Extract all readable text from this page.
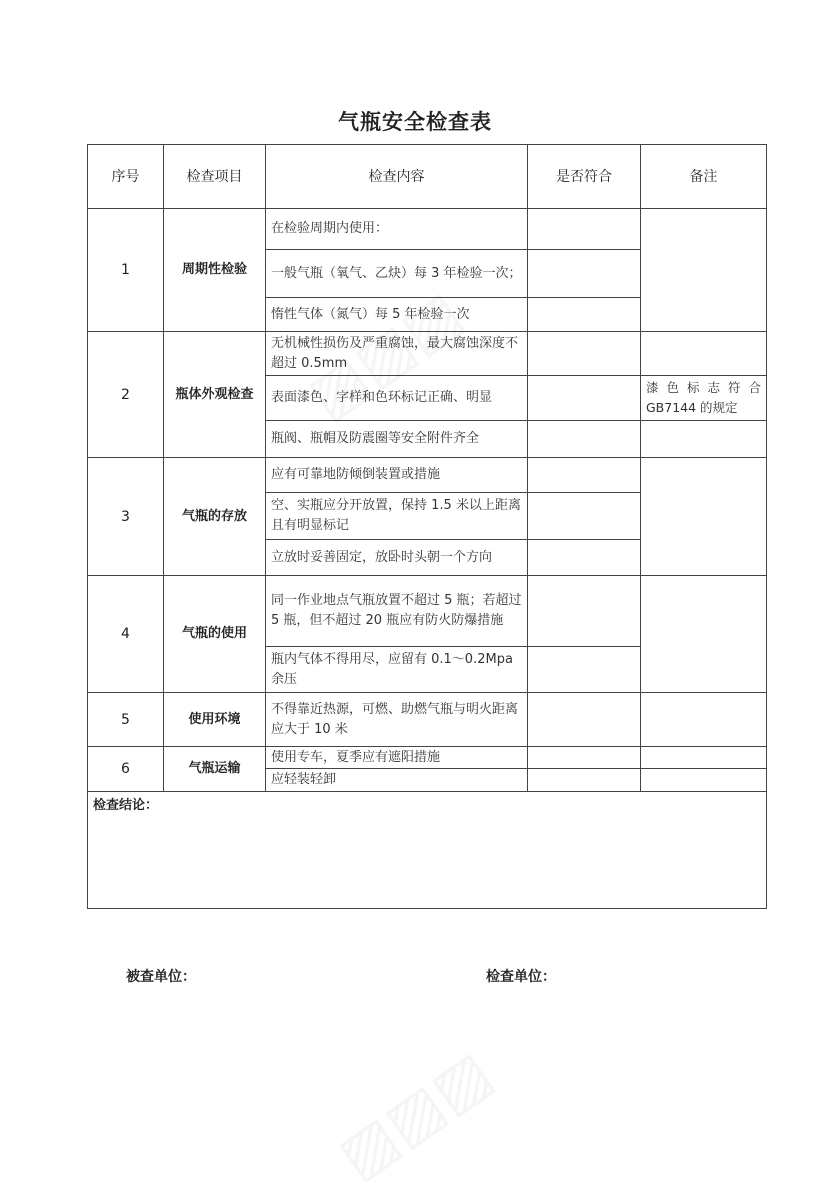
气瓶安全检查表
序号	检查项目	检查内容	是否符合	备注
1	周期性检验	在检验周期内使用：		
		一般气瓶（氧气、乙炔）每 3 年检验一次；		
		惰性气体（氮气）每 5 年检验一次		
2	瓶体外观检查	无机械性损伤及严重腐蚀，最大腐蚀深度不超过 0.5mm		
		表面漆色、字样和色环标记正确、明显		漆色标志符合 GB7144 的规定
		瓶阀、瓶帽及防震圈等安全附件齐全		
3	气瓶的存放	应有可靠地防倾倒装置或措施		
		空、实瓶应分开放置，保持 1.5 米以上距离且有明显标记		
		立放时妥善固定，放卧时头朝一个方向		
4	气瓶的使用	同一作业地点气瓶放置不超过 5 瓶；若超过 5 瓶，但不超过 20 瓶应有防火防爆措施		
		瓶内气体不得用尽，应留有 0.1～0.2Mpa 余压		
5	使用环境	不得靠近热源，可燃、助燃气瓶与明火距离应大于 10 米		
6	气瓶运输	使用专车，夏季应有遮阳措施		
		应轻装轻卸		
检查结论：				
被查单位：	检查单位：
